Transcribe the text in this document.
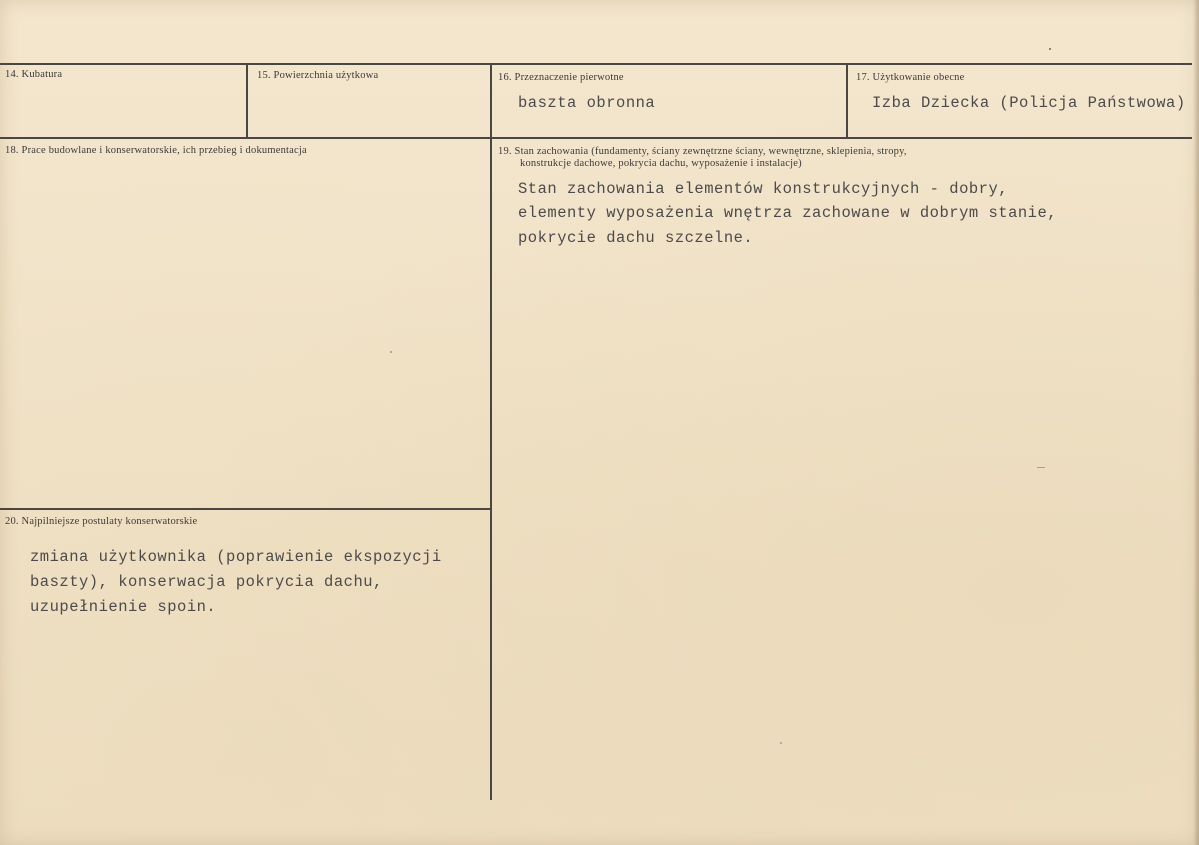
14. Kubatura	15. Powierzchnia użytkowa	16. Przeznaczenie pierwotne
baszta obronna
17. Użytkowanie obecne
Izba Dziecka (Policja Państwowa)
18. Prace budowlane i konserwatorskie, ich przebieg i dokumentacja	19. Stan zachowania (fundamenty, ściany zewnętrzne ściany, wewnętrzne, sklepienia, stropy,
konstrukcje dachowe, pokrycia dachu, wyposażenie i instalacje)
Stan zachowania elementów konstrukcyjnych - dobry,
elementy wyposażenia wnętrza zachowane w dobrym stanie,
pokrycie dachu szczelne.
20. Najpilniejsze postulaty konserwatorskie
zmiana użytkownika (poprawienie ekspozycji
baszty), konserwacja pokrycia dachu,
uzupełnienie spoin.
